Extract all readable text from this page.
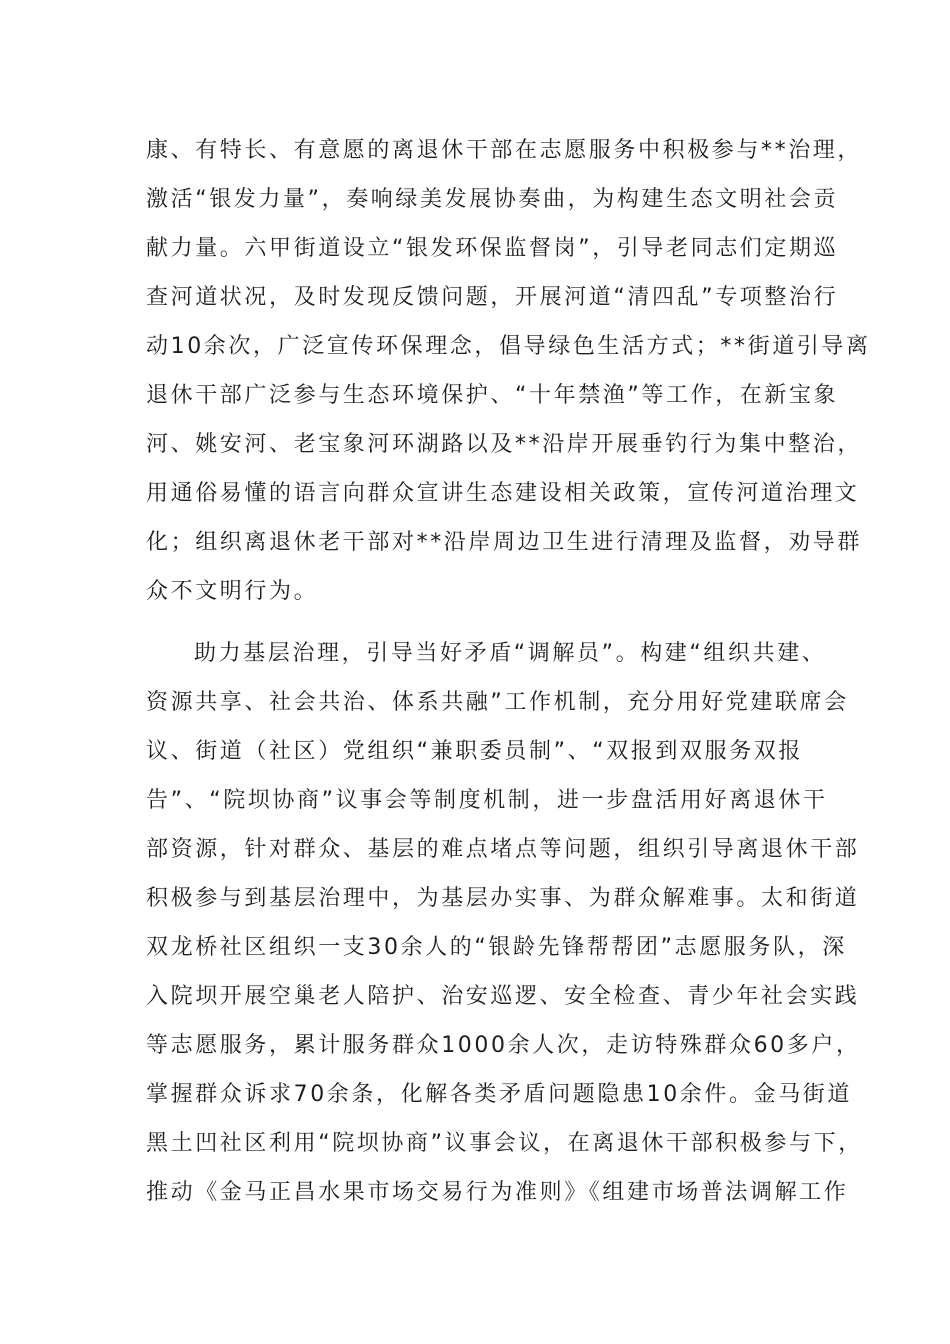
康、有特长、有意愿的离退休干部在志愿服务中积极参与**治理，
激活“银发力量”，奏响绿美发展协奏曲，为构建生态文明社会贡
献力量。六甲街道设立“银发环保监督岗”，引导老同志们定期巡
查河道状况，及时发现反馈问题，开展河道“清四乱”专项整治行
动10余次，广泛宣传环保理念，倡导绿色生活方式；**街道引导离
退休干部广泛参与生态环境保护、“十年禁渔”等工作，在新宝象
河、姚安河、老宝象河环湖路以及**沿岸开展垂钓行为集中整治，
用通俗易懂的语言向群众宣讲生态建设相关政策，宣传河道治理文
化；组织离退休老干部对**沿岸周边卫生进行清理及监督，劝导群
众不文明行为。
助力基层治理，引导当好矛盾“调解员”。构建“组织共建、
资源共享、社会共治、体系共融”工作机制，充分用好党建联席会
议、街道（社区）党组织“兼职委员制”、“双报到双服务双报
告”、“院坝协商”议事会等制度机制，进一步盘活用好离退休干
部资源，针对群众、基层的难点堵点等问题，组织引导离退休干部
积极参与到基层治理中，为基层办实事、为群众解难事。太和街道
双龙桥社区组织一支30余人的“银龄先锋帮帮团”志愿服务队，深
入院坝开展空巢老人陪护、治安巡逻、安全检查、青少年社会实践
等志愿服务，累计服务群众1000余人次，走访特殊群众60多户，
掌握群众诉求70余条，化解各类矛盾问题隐患10余件。金马街道
黑土凹社区利用“院坝协商”议事会议，在离退休干部积极参与下，
推动《金马正昌水果市场交易行为准则》《组建市场普法调解工作
